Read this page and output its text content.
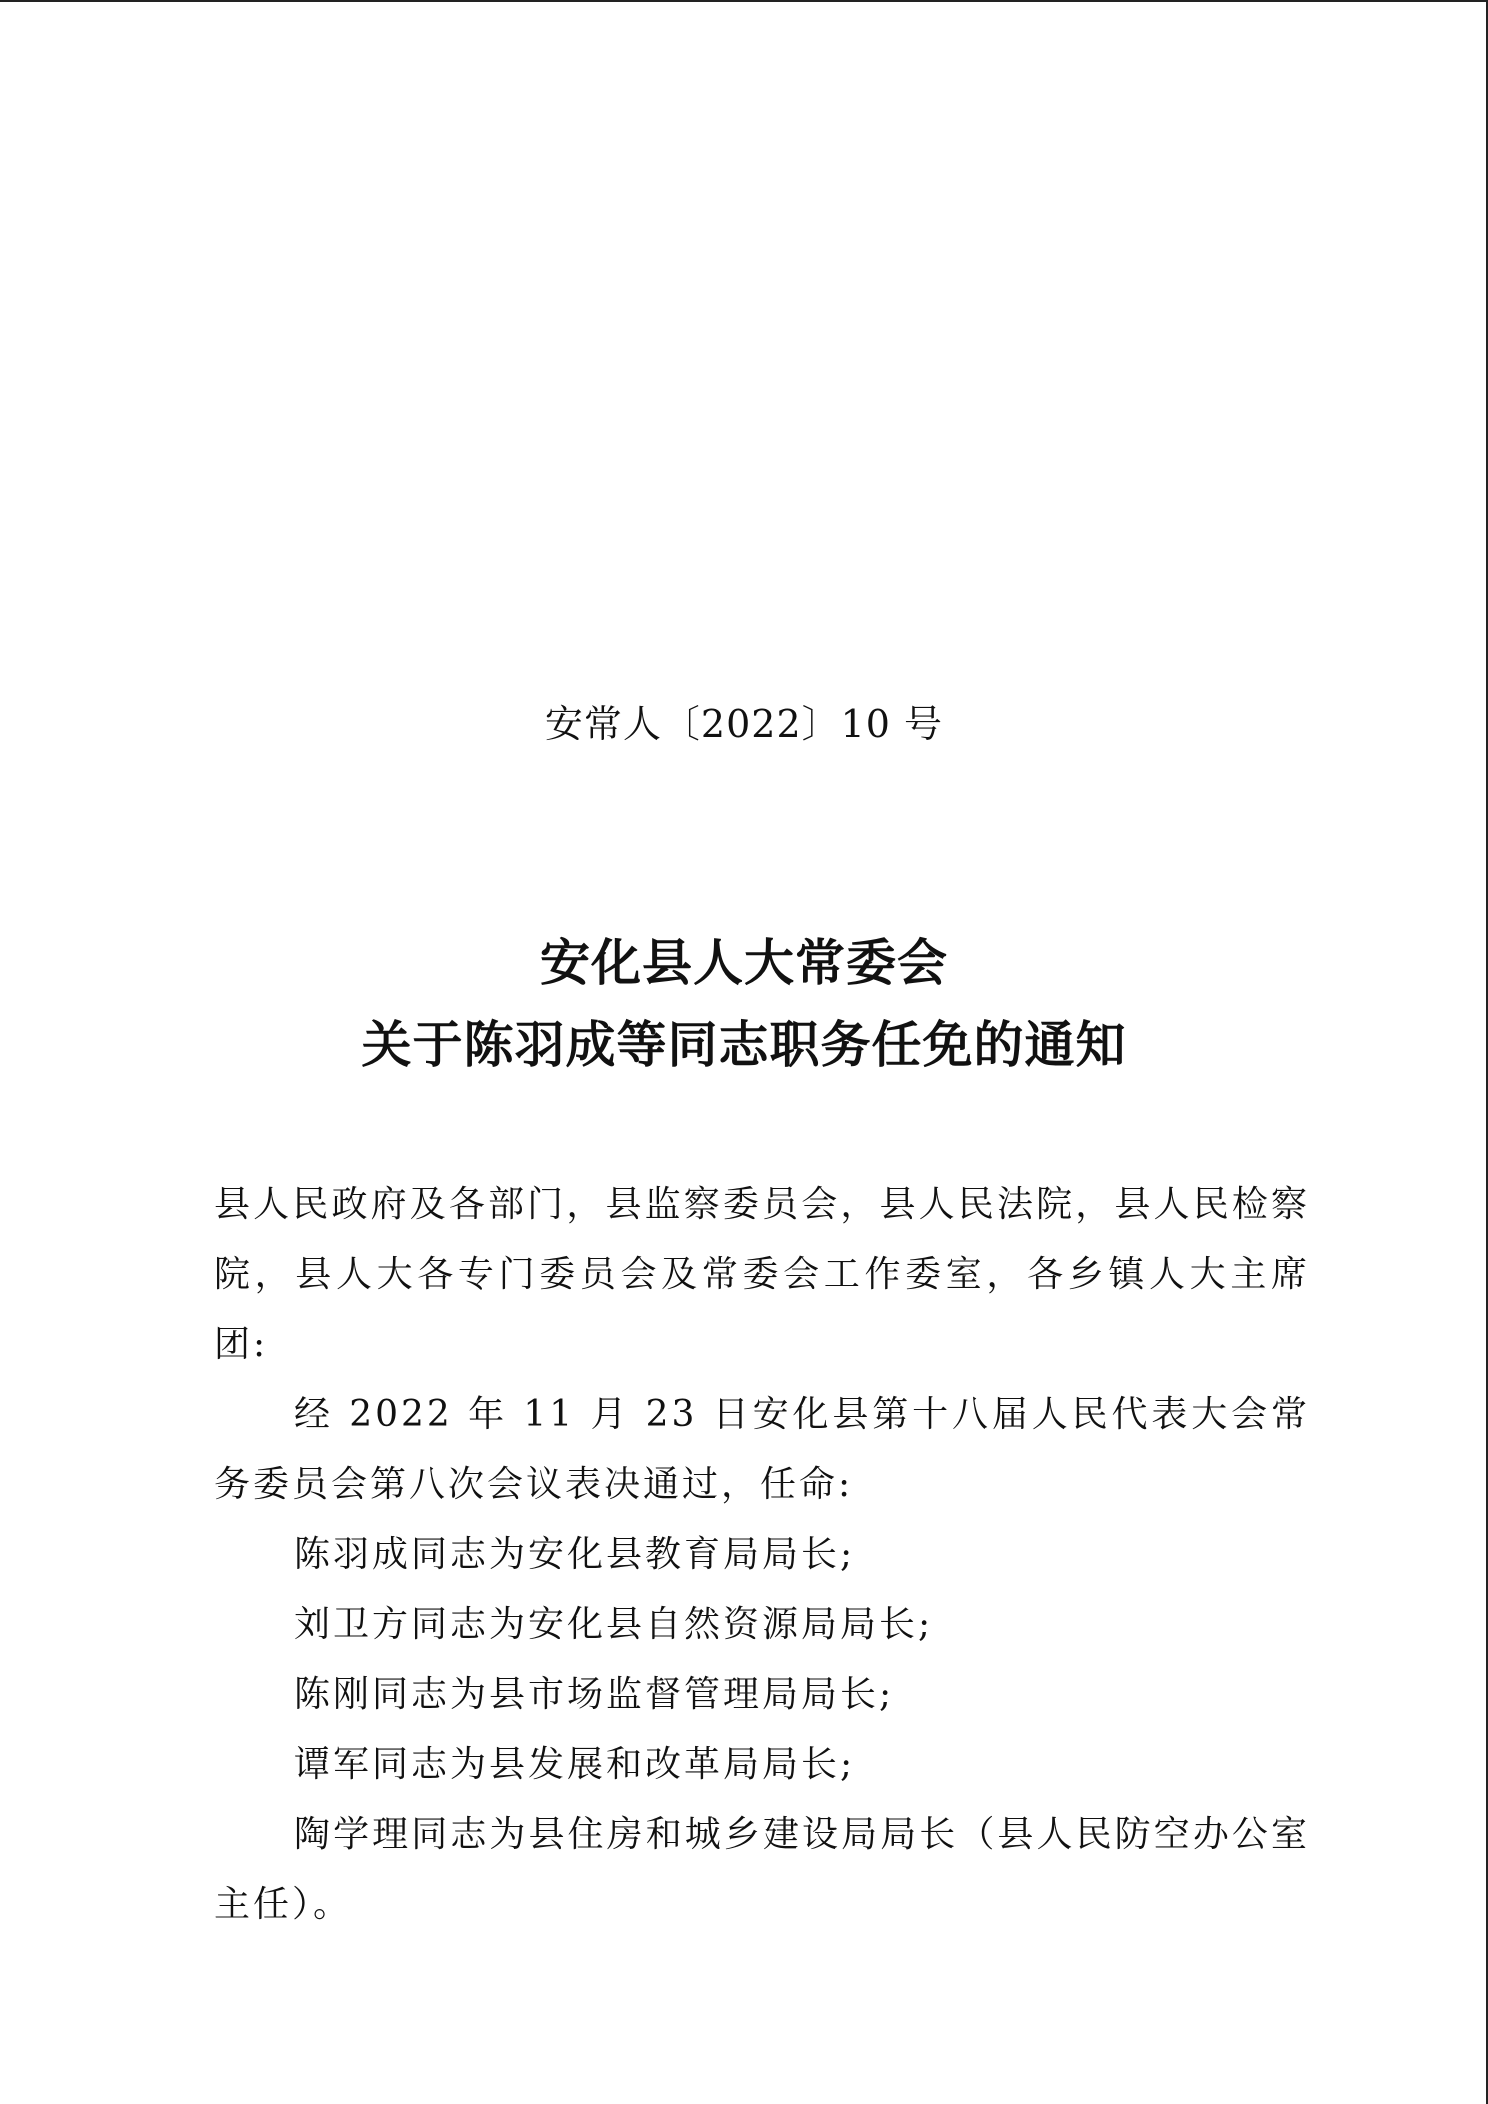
安常人〔2022〕10 号
安化县人大常委会
关于陈羽成等同志职务任免的通知

县人民政府及各部门，县监察委员会，县人民法院，县人民检察院，县人大各专门委员会及常委会工作委室，各乡镇人大主席团:

经 2022 年 11 月 23 日安化县第十八届人民代表大会常务委员会第八次会议表决通过，任命:

陈羽成同志为安化县教育局局长;

刘卫方同志为安化县自然资源局局长;

陈刚同志为县市场监督管理局局长;

谭军同志为县发展和改革局局长;

陶学理同志为县住房和城乡建设局局长（县人民防空办公室主任）。
